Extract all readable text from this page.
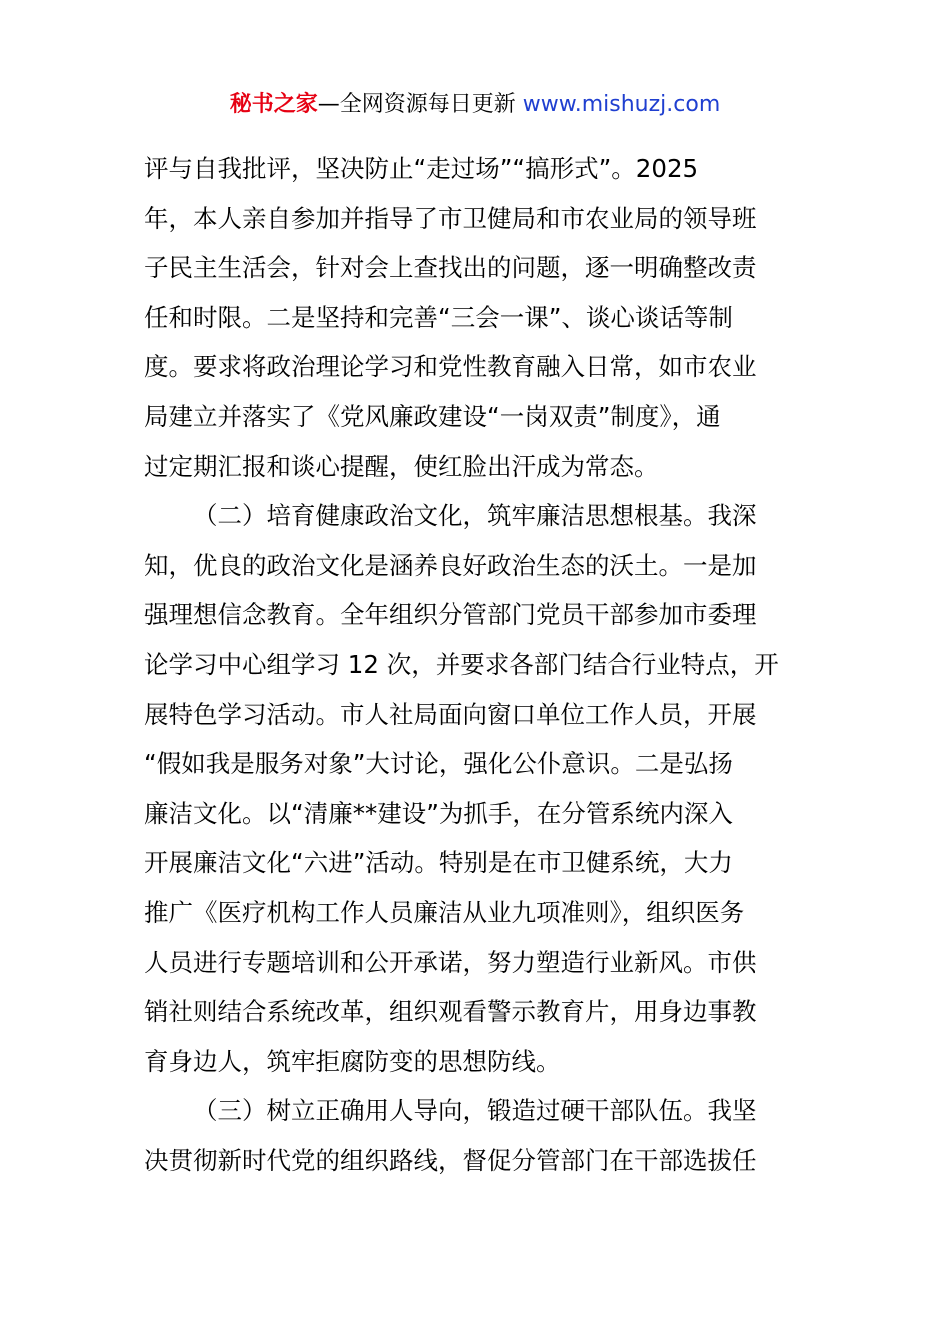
秘书之家—全网资源每日更新 www.mishuzj.com
评与自我批评，坚决防止“走过场”“搞形式”。2025
年，本人亲自参加并指导了市卫健局和市农业局的领导班
子民主生活会，针对会上查找出的问题，逐一明确整改责
任和时限。二是坚持和完善“三会一课”、谈心谈话等制
度。要求将政治理论学习和党性教育融入日常，如市农业
局建立并落实了《党风廉政建设“一岗双责”制度》，通
过定期汇报和谈心提醒，使红脸出汗成为常态。
（二）培育健康政治文化，筑牢廉洁思想根基。我深
知，优良的政治文化是涵养良好政治生态的沃土。一是加
强理想信念教育。全年组织分管部门党员干部参加市委理
论学习中心组学习 12 次，并要求各部门结合行业特点，开
展特色学习活动。市人社局面向窗口单位工作人员，开展
“假如我是服务对象”大讨论，强化公仆意识。二是弘扬
廉洁文化。以“清廉**建设”为抓手，在分管系统内深入
开展廉洁文化“六进”活动。特别是在市卫健系统，大力
推广《医疗机构工作人员廉洁从业九项准则》，组织医务
人员进行专题培训和公开承诺，努力塑造行业新风。市供
销社则结合系统改革，组织观看警示教育片，用身边事教
育身边人，筑牢拒腐防变的思想防线。
（三）树立正确用人导向，锻造过硬干部队伍。我坚
决贯彻新时代党的组织路线，督促分管部门在干部选拔任
